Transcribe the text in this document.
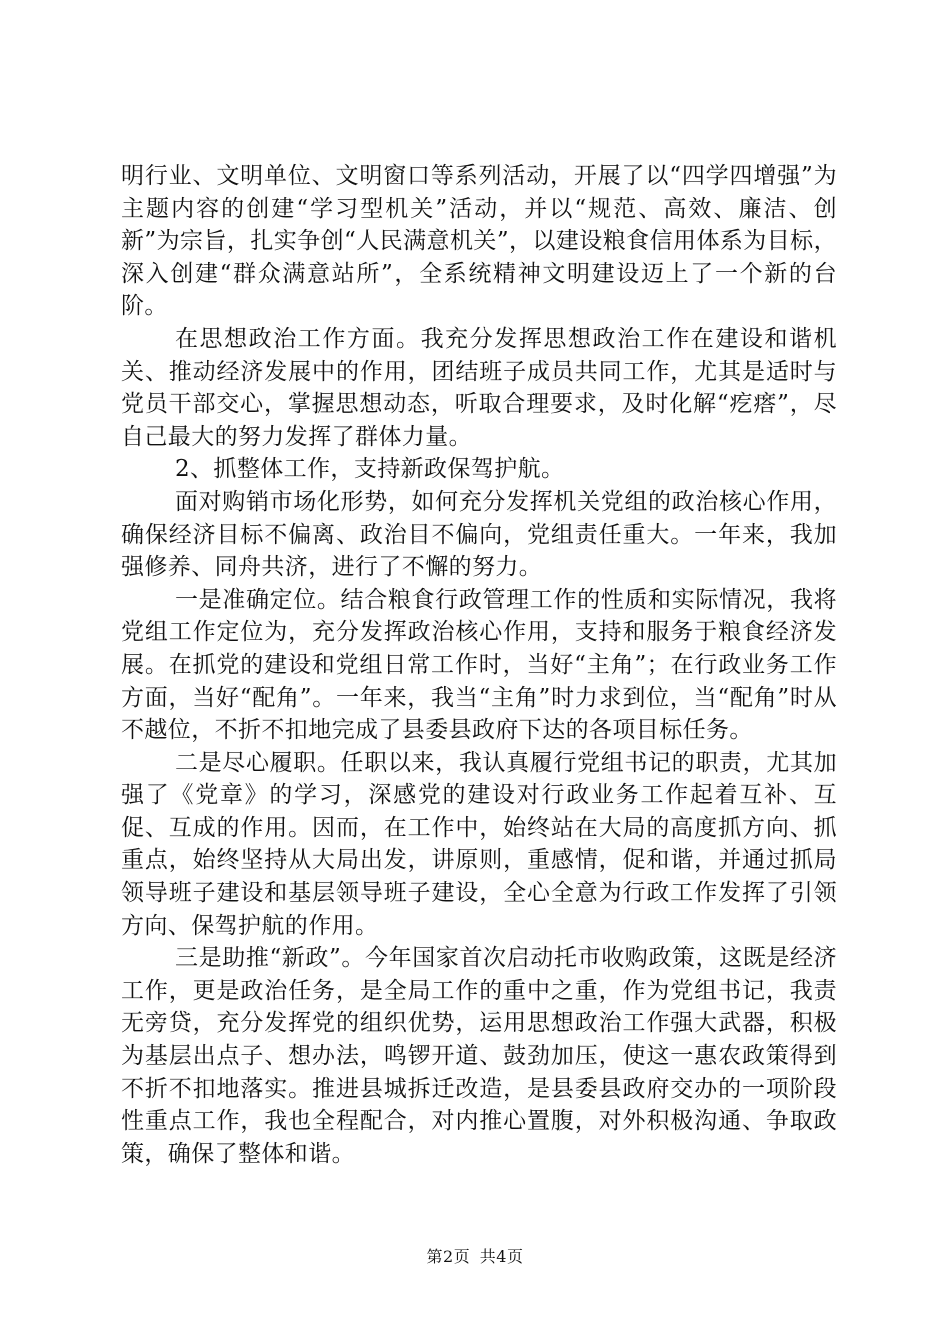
明行业、文明单位、文明窗口等系列活动，开展了以“四学四增强”为主题内容的创建“学习型机关”活动，并以“规范、高效、廉洁、创新”为宗旨，扎实争创“人民满意机关”，以建设粮食信用体系为目标，深入创建“群众满意站所”，全系统精神文明建设迈上了一个新的台阶。

在思想政治工作方面。我充分发挥思想政治工作在建设和谐机关、推动经济发展中的作用，团结班子成员共同工作，尤其是适时与党员干部交心，掌握思想动态，听取合理要求，及时化解“疙瘩”，尽自己最大的努力发挥了群体力量。

2、抓整体工作，支持新政保驾护航。

面对购销市场化形势，如何充分发挥机关党组的政治核心作用，确保经济目标不偏离、政治目不偏向，党组责任重大。一年来，我加强修养、同舟共济，进行了不懈的努力。

一是准确定位。结合粮食行政管理工作的性质和实际情况，我将党组工作定位为，充分发挥政治核心作用，支持和服务于粮食经济发展。在抓党的建设和党组日常工作时，当好“主角”；在行政业务工作方面，当好“配角”。一年来，我当“主角”时力求到位，当“配角”时从不越位，不折不扣地完成了县委县政府下达的各项目标任务。

二是尽心履职。任职以来，我认真履行党组书记的职责，尤其加强了《党章》的学习，深感党的建设对行政业务工作起着互补、互促、互成的作用。因而，在工作中，始终站在大局的高度抓方向、抓重点，始终坚持从大局出发，讲原则，重感情，促和谐，并通过抓局领导班子建设和基层领导班子建设，全心全意为行政工作发挥了引领方向、保驾护航的作用。

三是助推“新政”。今年国家首次启动托市收购政策，这既是经济工作，更是政治任务，是全局工作的重中之重，作为党组书记，我责无旁贷，充分发挥党的组织优势，运用思想政治工作强大武器，积极为基层出点子、想办法，鸣锣开道、鼓劲加压，使这一惠农政策得到不折不扣地落实。推进县城拆迁改造，是县委县政府交办的一项阶段性重点工作，我也全程配合，对内推心置腹，对外积极沟通、争取政策，确保了整体和谐。

第2页 共4页
